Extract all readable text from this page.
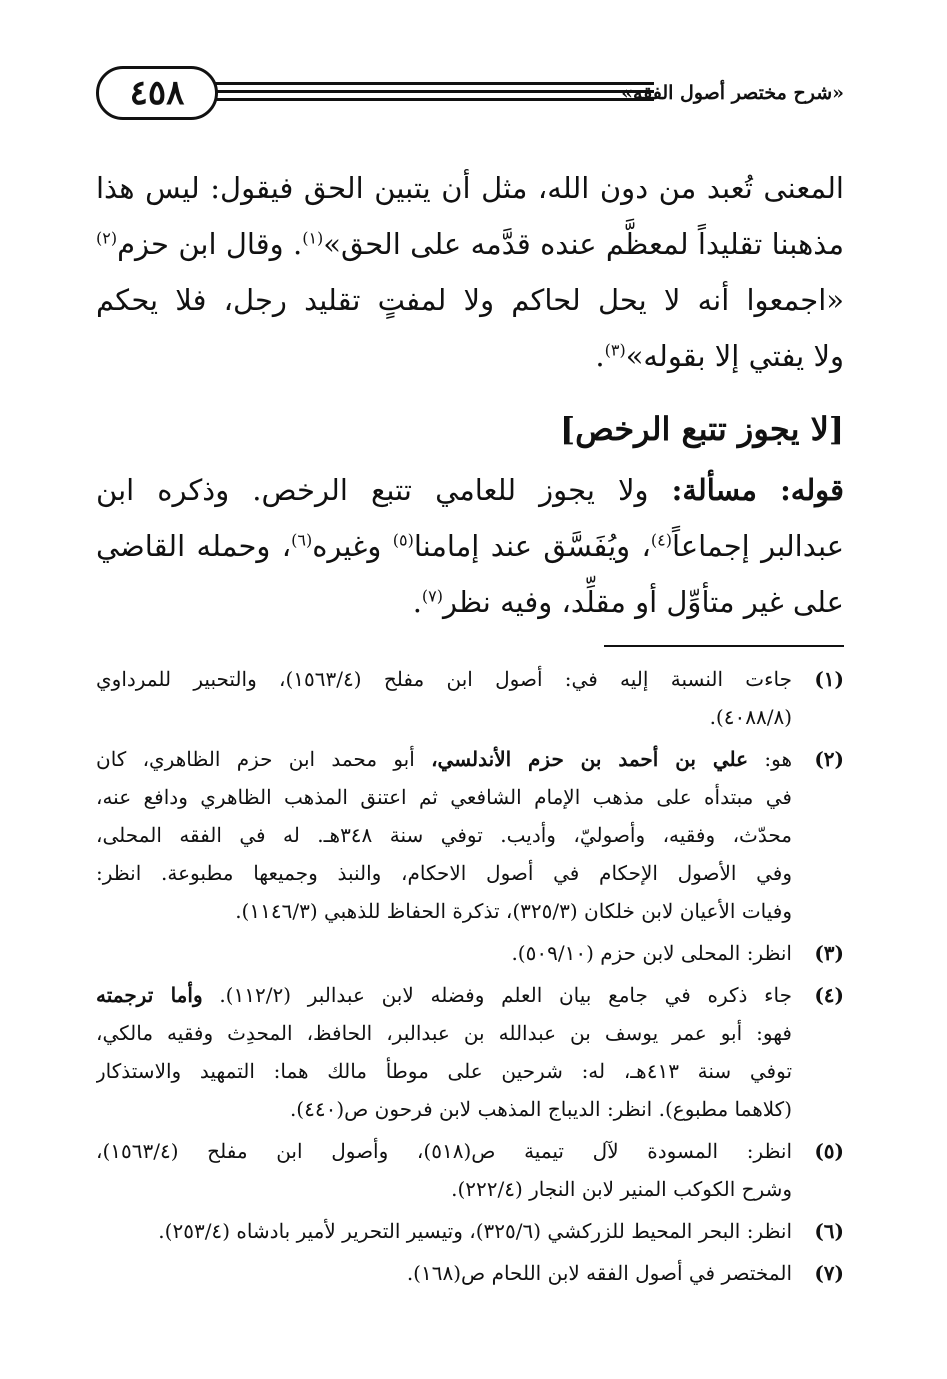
٤٥٨	«شرح مختصر أصول الفقه»
المعنى تُعبد من دون الله، مثل أن يتبين الحق فيقول: ليس هذا
مذهبنا تقليداً لمعظَّم عنده قدَّمه على الحق»$^{(١)}$. وقال ابن حزم$^{(٢)}$
«اجمعوا أنه لا يحل لحاكم ولا لمفتٍ تقليد رجل، فلا يحكم
ولا يفتي إلا بقوله»$^{(٣)}$.
[لا يجوز تتبع الرخص]
قوله: مسألة: ولا يجوز للعامي تتبع الرخص. وذكره ابن
عبدالبر إجماعاً$^{(٤)}$، ويُفَسَّق عند إمامنا$^{(٥)}$ وغيره$^{(٦)}$، وحمله القاضي
على غير متأوِّل أو مقلِّد، وفيه نظر$^{(٧)}$.
(١)
جاءت النسبة إليه في: أصول ابن مفلح (١٥٦٣/٤)، والتحبير للمرداوي
(٤٠٨٨/٨).
(٢)
هو: علي بن أحمد بن حزم الأندلسي، أبو محمد ابن حزم الظاهري، كان
في مبتدأه على مذهب الإمام الشافعي ثم اعتنق المذهب الظاهري ودافع عنه،
محدّث، وفقيه، وأصوليّ، وأديب. توفي سنة ٣٤٨هـ. له في الفقه المحلى،
وفي الأصول الإحكام في أصول الاحكام، والنبذ وجميعها مطبوعة. انظر:
وفيات الأعيان لابن خلكان (٣٢٥/٣)، تذكرة الحفاظ للذهبي (١١٤٦/٣).
(٣)
انظر: المحلى لابن حزم (٥٠٩/١٠).
(٤)
جاء ذكره في جامع بيان العلم وفضله لابن عبدالبر (١١٢/٢). وأما ترجمته
فهو: أبو عمر يوسف بن عبدالله بن عبدالبر، الحافظ، المحدِث وفقيه مالكي،
توفي سنة ٤١٣هـ، له: شرحين على موطأ مالك هما: التمهيد والاستذكار
(كلاهما مطبوع). انظر: الديباج المذهب لابن فرحون ص(٤٤٠).
(٥)
انظر: المسودة لآل تيمية ص(٥١٨)، وأصول ابن مفلح (١٥٦٣/٤)،
وشرح الكوكب المنير لابن النجار (٢٢٢/٤).
(٦)
انظر: البحر المحيط للزركشي (٣٢٥/٦)، وتيسير التحرير لأمير بادشاه (٢٥٣/٤).
(٧)
المختصر في أصول الفقه لابن اللحام ص(١٦٨).
